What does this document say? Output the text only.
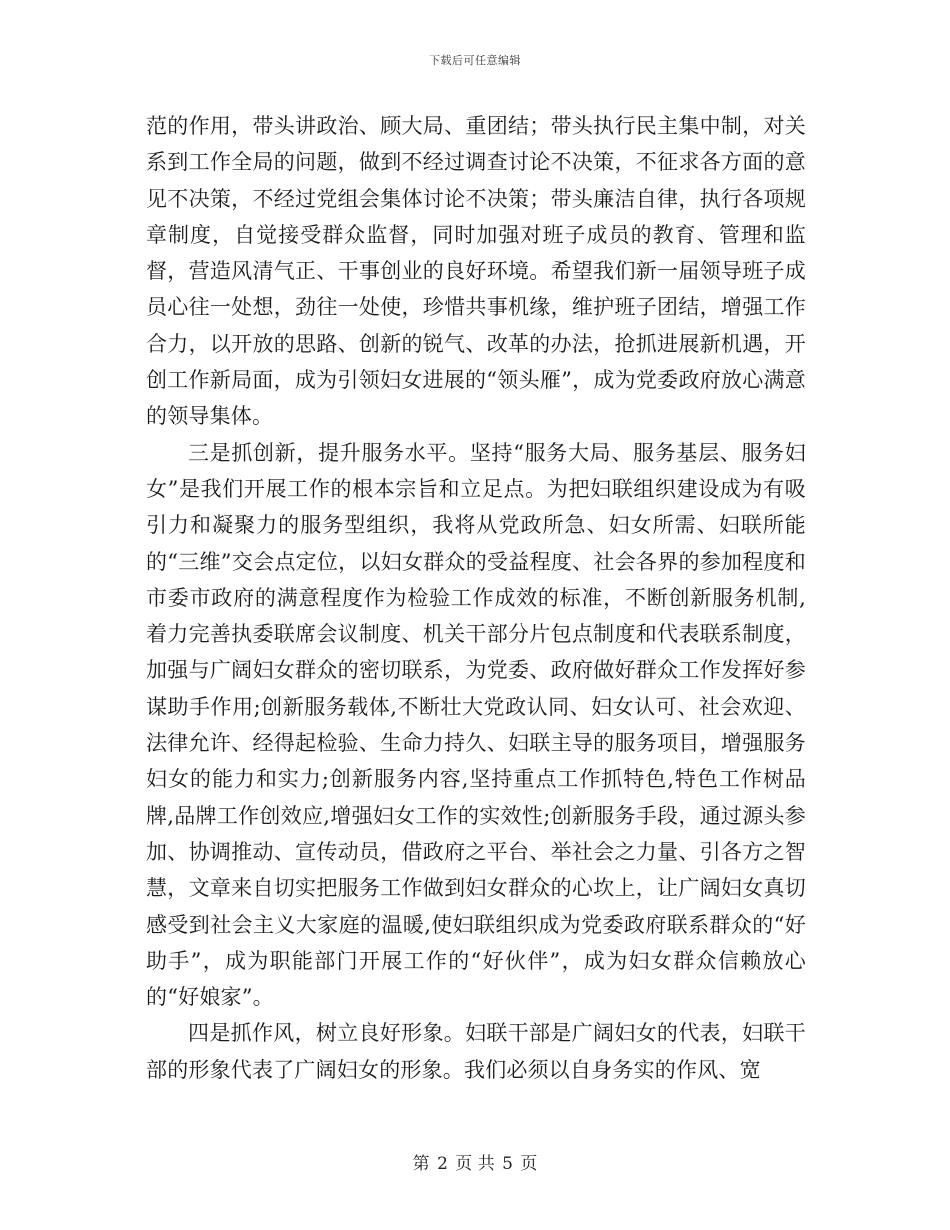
下载后可任意编辑

范的作用，带头讲政治、顾大局、重团结；带头执行民主集中制，对关系到工作全局的问题，做到不经过调查讨论不决策，不征求各方面的意见不决策，不经过党组会集体讨论不决策；带头廉洁自律，执行各项规章制度，自觉接受群众监督，同时加强对班子成员的教育、管理和监督，营造风清气正、干事创业的良好环境。希望我们新一届领导班子成员心往一处想，劲往一处使，珍惜共事机缘，维护班子团结，增强工作合力，以开放的思路、创新的锐气、改革的办法，抢抓进展新机遇，开创工作新局面，成为引领妇女进展的“领头雁”，成为党委政府放心满意的领导集体。

三是抓创新，提升服务水平。坚持“服务大局、服务基层、服务妇女”是我们开展工作的根本宗旨和立足点。为把妇联组织建设成为有吸引力和凝聚力的服务型组织，我将从党政所急、妇女所需、妇联所能的“三维”交会点定位，以妇女群众的受益程度、社会各界的参加程度和市委市政府的满意程度作为检验工作成效的标准，不断创新服务机制,着力完善执委联席会议制度、机关干部分片包点制度和代表联系制度，加强与广阔妇女群众的密切联系，为党委、政府做好群众工作发挥好参谋助手作用;创新服务载体,不断壮大党政认同、妇女认可、社会欢迎、法律允许、经得起检验、生命力持久、妇联主导的服务项目，增强服务妇女的能力和实力;创新服务内容,坚持重点工作抓特色,特色工作树品牌,品牌工作创效应,增强妇女工作的实效性;创新服务手段，通过源头参加、协调推动、宣传动员，借政府之平台、举社会之力量、引各方之智慧，文章来自切实把服务工作做到妇女群众的心坎上，让广阔妇女真切感受到社会主义大家庭的温暖,使妇联组织成为党委政府联系群众的“好助手”，成为职能部门开展工作的“好伙伴”，成为妇女群众信赖放心的“好娘家”。

四是抓作风，树立良好形象。妇联干部是广阔妇女的代表，妇联干部的形象代表了广阔妇女的形象。我们必须以自身务实的作风、宽

第 2 页 共 5 页
